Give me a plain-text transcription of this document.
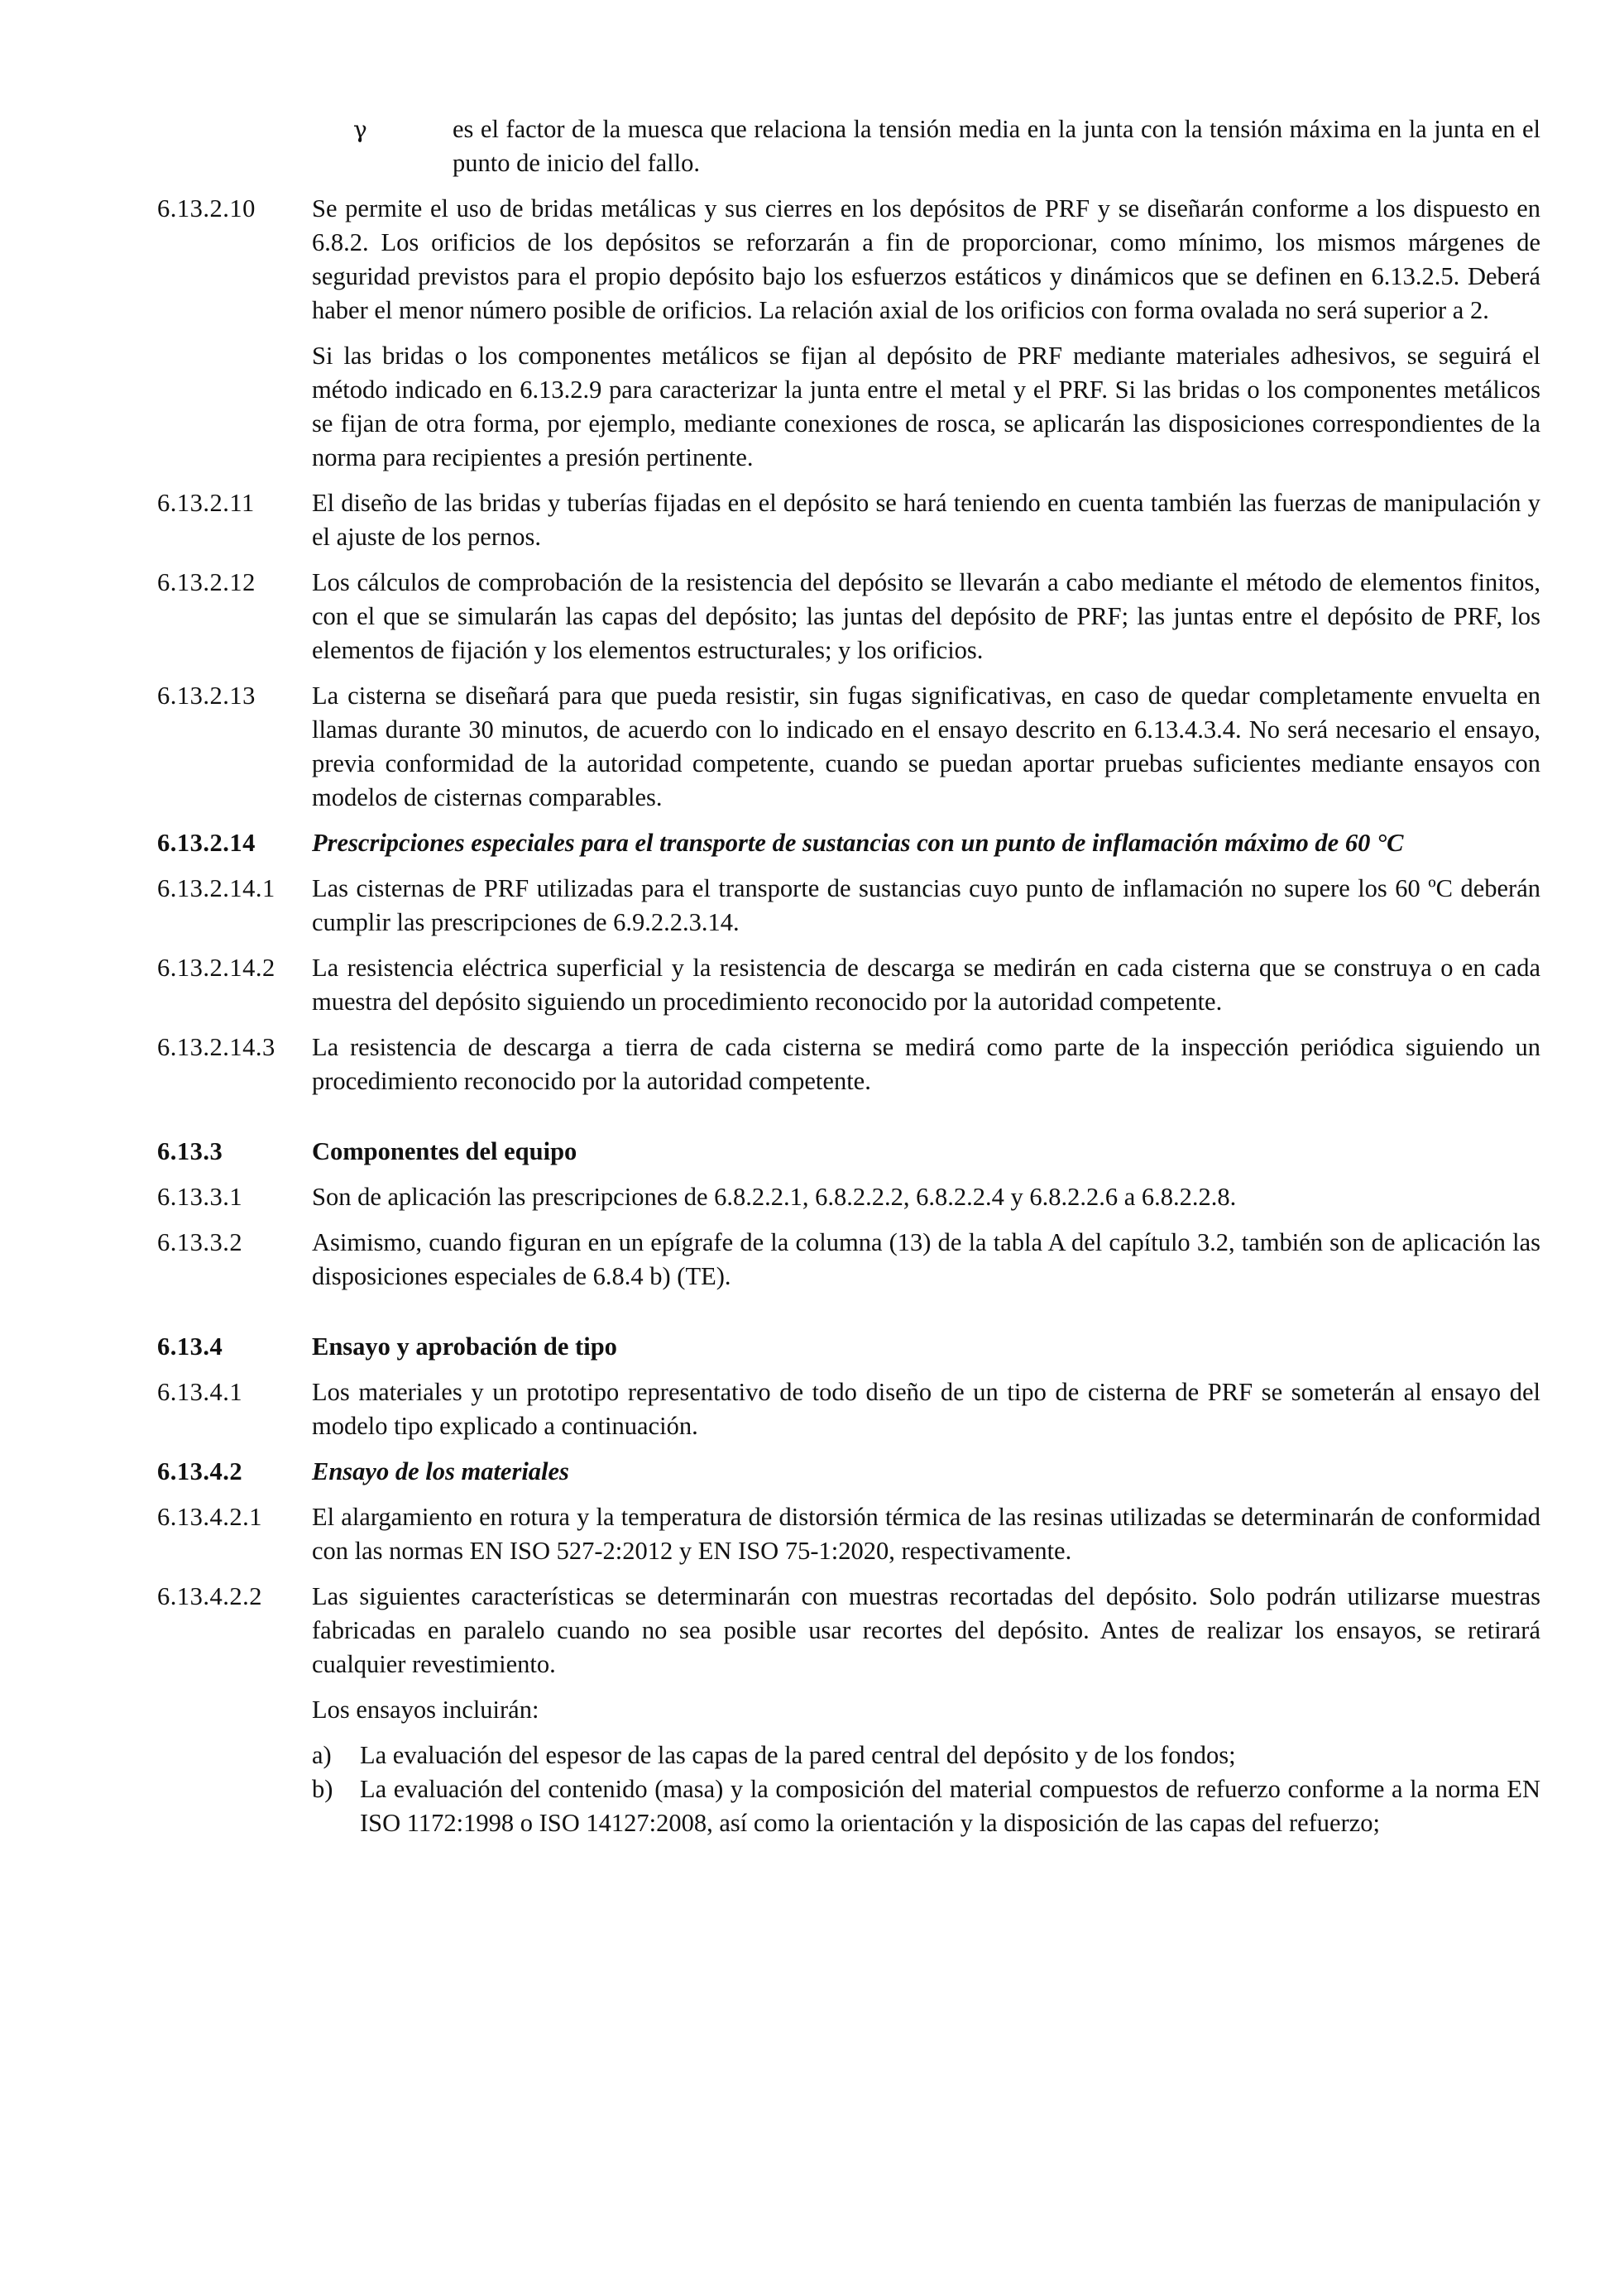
γ	es el factor de la muesca que relaciona la tensión media en la junta con la tensión máxima en la junta en el punto de inicio del fallo.
6.13.2.10	Se permite el uso de bridas metálicas y sus cierres en los depósitos de PRF y se diseñarán conforme a los dispuesto en 6.8.2. Los orificios de los depósitos se reforzarán a fin de proporcionar, como mínimo, los mismos márgenes de seguridad previstos para el propio depósito bajo los esfuerzos estáticos y dinámicos que se definen en 6.13.2.5. Deberá haber el menor número posible de orificios. La relación axial de los orificios con forma ovalada no será superior a 2.

Si las bridas o los componentes metálicos se fijan al depósito de PRF mediante materiales adhesivos, se seguirá el método indicado en 6.13.2.9 para caracterizar la junta entre el metal y el PRF. Si las bridas o los componentes metálicos se fijan de otra forma, por ejemplo, mediante conexiones de rosca, se aplicarán las disposiciones correspondientes de la norma para recipientes a presión pertinente.

6.13.2.11	El diseño de las bridas y tuberías fijadas en el depósito se hará teniendo en cuenta también las fuerzas de manipulación y el ajuste de los pernos.

6.13.2.12	Los cálculos de comprobación de la resistencia del depósito se llevarán a cabo mediante el método de elementos finitos, con el que se simularán las capas del depósito; las juntas del depósito de PRF; las juntas entre el depósito de PRF, los elementos de fijación y los elementos estructurales; y los orificios.

6.13.2.13	La cisterna se diseñará para que pueda resistir, sin fugas significativas, en caso de quedar completamente envuelta en llamas durante 30 minutos, de acuerdo con lo indicado en el ensayo descrito en 6.13.4.3.4. No será necesario el ensayo, previa conformidad de la autoridad competente, cuando se puedan aportar pruebas suficientes mediante ensayos con modelos de cisternas comparables.

6.13.2.14	Prescripciones especiales para el transporte de sustancias con un punto de inflamación máximo de 60 °C
6.13.2.14.1	Las cisternas de PRF utilizadas para el transporte de sustancias cuyo punto de inflamación no supere los 60 ºC deberán cumplir las prescripciones de 6.9.2.2.3.14.
6.13.2.14.2	La resistencia eléctrica superficial y la resistencia de descarga se medirán en cada cisterna que se construya o en cada muestra del depósito siguiendo un procedimiento reconocido por la autoridad competente.
6.13.2.14.3	La resistencia de descarga a tierra de cada cisterna se medirá como parte de la inspección periódica siguiendo un procedimiento reconocido por la autoridad competente.
6.13.3	Componentes del equipo
6.13.3.1	Son de aplicación las prescripciones de 6.8.2.2.1, 6.8.2.2.2, 6.8.2.2.4 y 6.8.2.2.6 a 6.8.2.2.8.
6.13.3.2	Asimismo, cuando figuran en un epígrafe de la columna (13) de la tabla A del capítulo 3.2, también son de aplicación las disposiciones especiales de 6.8.4 b) (TE).
6.13.4	Ensayo y aprobación de tipo
6.13.4.1	Los materiales y un prototipo representativo de todo diseño de un tipo de cisterna de PRF se someterán al ensayo del modelo tipo explicado a continuación.
6.13.4.2	Ensayo de los materiales
6.13.4.2.1	El alargamiento en rotura y la temperatura de distorsión térmica de las resinas utilizadas se determinarán de conformidad con las normas EN ISO 527-2:2012 y EN ISO 75-1:2020, respectivamente.
6.13.4.2.2	Las siguientes características se determinarán con muestras recortadas del depósito. Solo podrán utilizarse muestras fabricadas en paralelo cuando no sea posible usar recortes del depósito. Antes de realizar los ensayos, se retirará cualquier revestimiento.

Los ensayos incluirán:

a)	La evaluación del espesor de las capas de la pared central del depósito y de los fondos;
b)	La evaluación del contenido (masa) y la composición del material compuestos de refuerzo conforme a la norma EN ISO 1172:1998 o ISO 14127:2008, así como la orientación y la disposición de las capas del refuerzo;
